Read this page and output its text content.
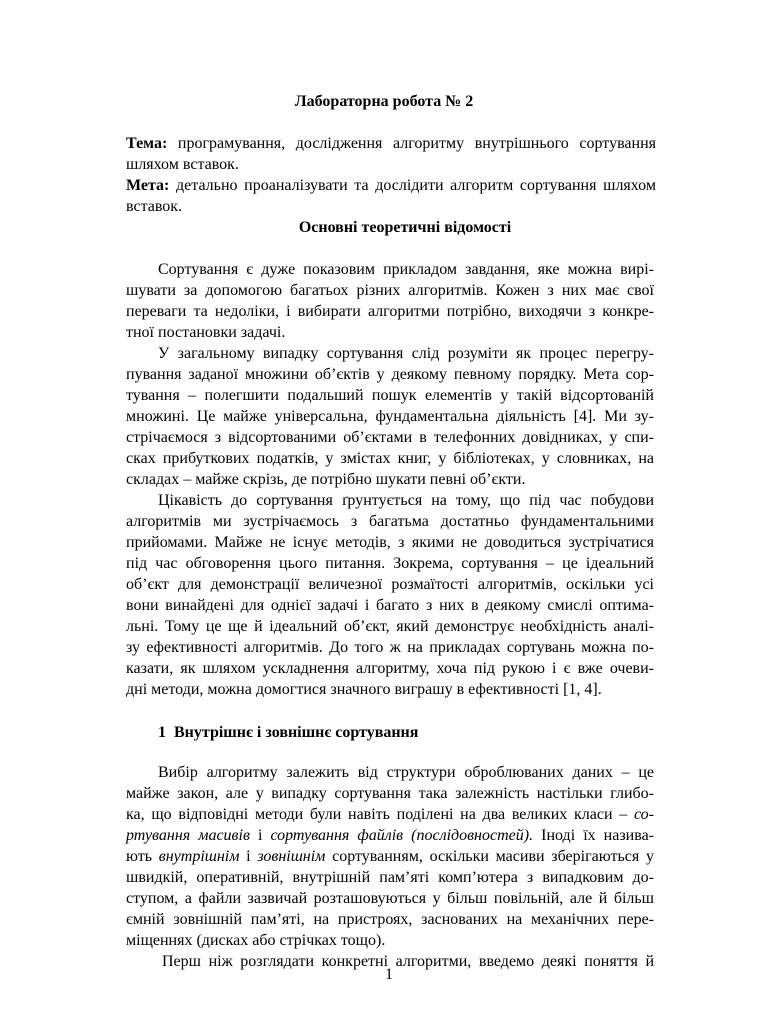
Лабораторна робота № 2
Тема: програмування, дослідження алгоритму внутрішнього сортування
шляхом вставок.
Мета: детально проаналізувати та дослідити алгоритм сортування шляхом
вставок.
Основні теоретичні відомості
Сортування є дуже показовим прикладом завдання, яке можна вирі-
шувати за допомогою багатьох різних алгоритмів. Кожен з них має свої
переваги та недоліки, і вибирати алгоритми потрібно, виходячи з конкре-
тної постановки задачі.
У загальному випадку сортування слід розуміти як процес перегру-
пування заданої множини об’єктів у деякому певному порядку. Мета сор-
тування – полегшити подальший пошук елементів у такій відсортованій
множині. Це майже універсальна, фундаментальна діяльність [4]. Ми зу-
стрічаємося з відсортованими об’єктами в телефонних довідниках, у спи-
сках прибуткових податків, у змістах книг, у бібліотеках, у словниках, на
складах – майже скрізь, де потрібно шукати певні об’єкти.
Цікавість до сортування ґрунтується на тому, що під час побудови
алгоритмів ми зустрічаємось з багатьма достатньо фундаментальними
прийомами. Майже не існує методів, з якими не доводиться зустрічатися
під час обговорення цього питання. Зокрема, сортування – це ідеальний
об’єкт для демонстрації величезної розмаїтості алгоритмів, оскільки усі
вони винайдені для однієї задачі і багато з них в деякому смислі оптима-
льні. Тому це ще й ідеальний об’єкт, який демонструє необхідність аналі-
зу ефективності алгоритмів. До того ж на прикладах сортувань можна по-
казати, як шляхом ускладнення алгоритму, хоча під рукою і є вже очеви-
дні методи, можна домогтися значного виграшу в ефективності [1, 4].
1  Внутрішнє і зовнішнє сортування
Вибір алгоритму залежить від структури оброблюваних даних – це
майже закон, але у випадку сортування така залежність настільки глибо-
ка, що відповідні методи були навіть поділені на два великих класи – со-
ртування масивів і сортування файлів (послідовностей). Іноді їх назива-
ють внутрішнім і зовнішнім сортуванням, оскільки масиви зберігаються у
швидкій, оперативній, внутрішній пам’яті комп’ютера з випадковим до-
ступом, а файли зазвичай розташовуються у більш повільній, але й більш
ємній зовнішній пам’яті, на пристроях, заснованих на механічних пере-
міщеннях (дисках або стрічках тощо).
Перш ніж розглядати конкретні алгоритми, введемо деякі поняття й
1
